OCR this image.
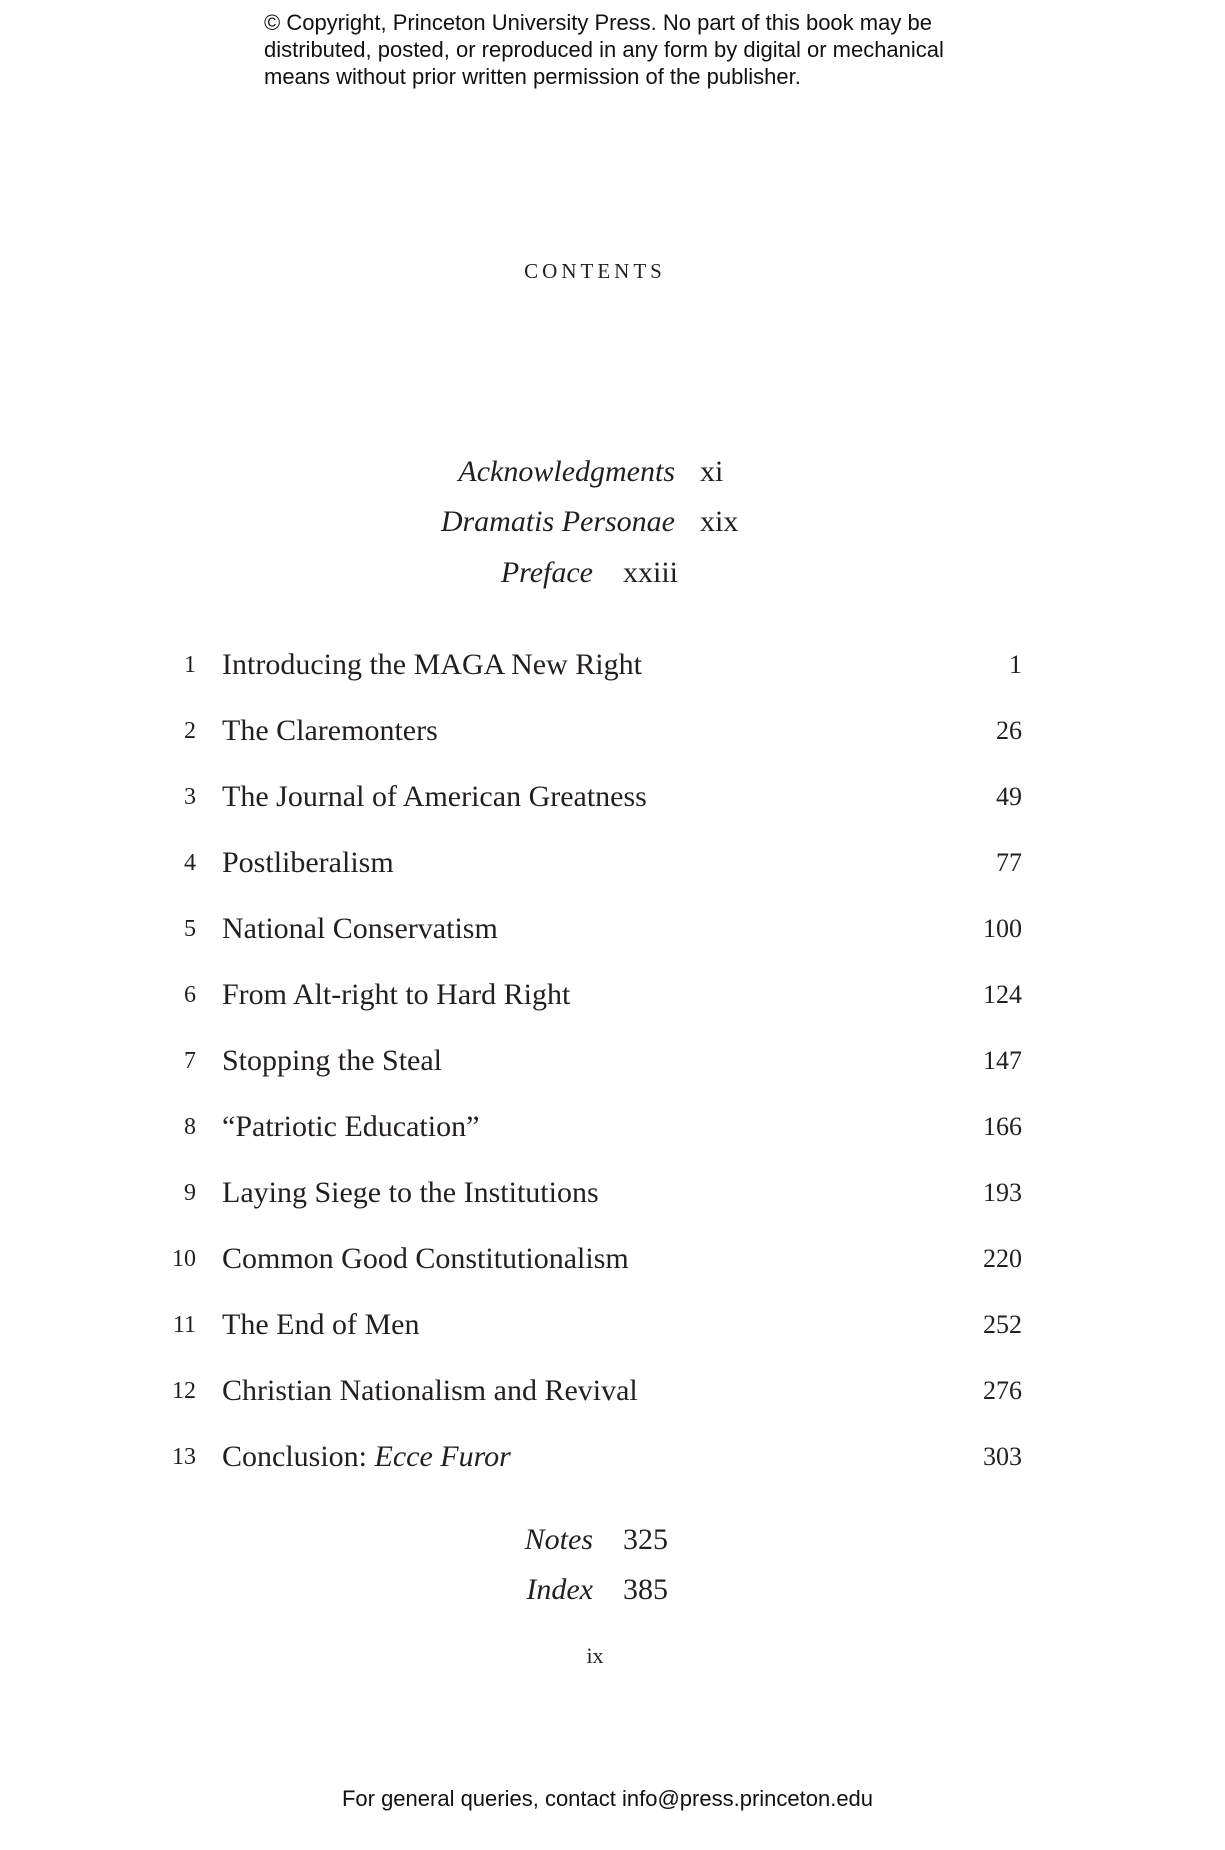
© Copyright, Princeton University Press. No part of this book may be
distributed, posted, or reproduced in any form by digital or mechanical
means without prior written permission of the publisher.
contents
Acknowledgments xi
Dramatis Personae xix
Preface xxiii
1 Introducing the MAGA New Right	1
2 The Claremonters	26
3 The Journal of American Greatness	49
4 Postliberalism	77
5 National Conservatism	100
6 From Alt-right to Hard Right	124
7 Stopping the Steal	147
8 “Patriotic Education”	166
9 Laying Siege to the Institutions	193
10 Common Good Constitutionalism	220
11 The End of Men	252
12 Christian Nationalism and Revival	276
13 Conclusion: Ecce Furor	303
Notes 325
Index 385
ix
For general queries, contact info@press.princeton.edu
